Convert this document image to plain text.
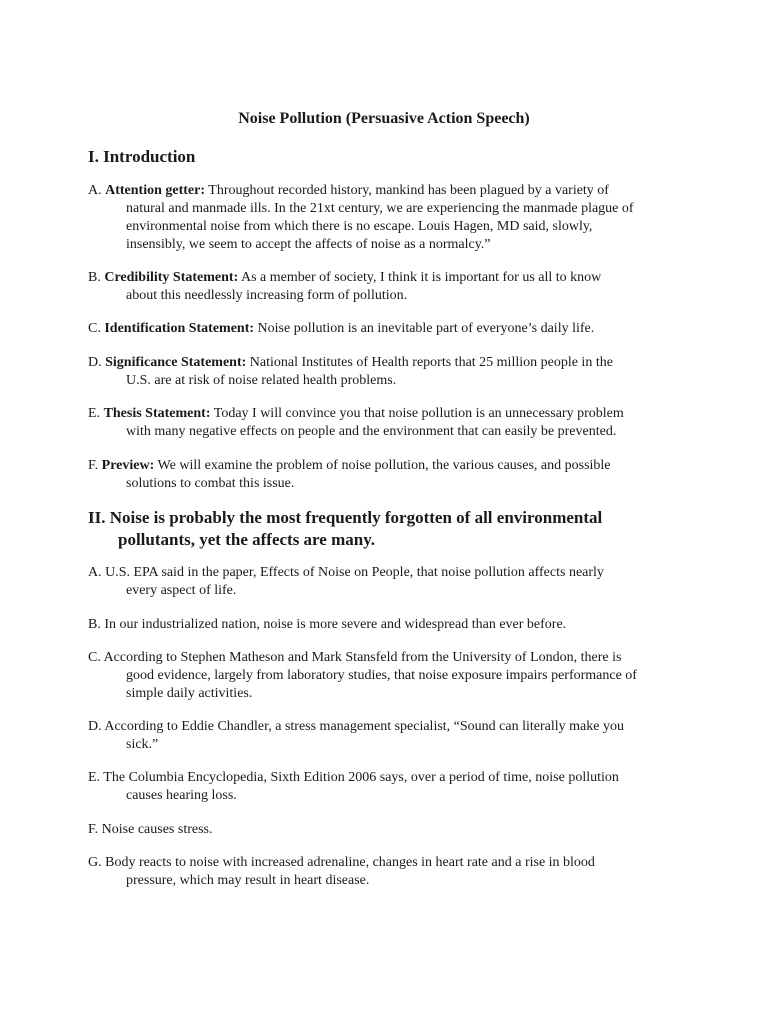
Noise Pollution (Persuasive Action Speech)
I. Introduction
A. Attention getter: Throughout recorded history, mankind has been plagued by a variety of
natural and manmade ills. In the 21xt century, we are experiencing the manmade plague of
environmental noise from which there is no escape. Louis Hagen, MD said, slowly,
insensibly, we seem to accept the affects of noise as a normalcy.”
B. Credibility Statement: As a member of society, I think it is important for us all to know
about this needlessly increasing form of pollution.
C. Identification Statement: Noise pollution is an inevitable part of everyone’s daily life.
D. Significance Statement: National Institutes of Health reports that 25 million people in the
U.S. are at risk of noise related health problems.
E. Thesis Statement: Today I will convince you that noise pollution is an unnecessary problem
with many negative effects on people and the environment that can easily be prevented.
F. Preview: We will examine the problem of noise pollution, the various causes, and possible
solutions to combat this issue.
II. Noise is probably the most frequently forgotten of all environmental
pollutants, yet the affects are many.
A. U.S. EPA said in the paper, Effects of Noise on People, that noise pollution affects nearly
every aspect of life.
B. In our industrialized nation, noise is more severe and widespread than ever before.
C. According to Stephen Matheson and Mark Stansfeld from the University of London, there is
good evidence, largely from laboratory studies, that noise exposure impairs performance of
simple daily activities.
D. According to Eddie Chandler, a stress management specialist, “Sound can literally make you
sick.”
E. The Columbia Encyclopedia, Sixth Edition 2006 says, over a period of time, noise pollution
causes hearing loss.
F. Noise causes stress.
G. Body reacts to noise with increased adrenaline, changes in heart rate and a rise in blood
pressure, which may result in heart disease.
